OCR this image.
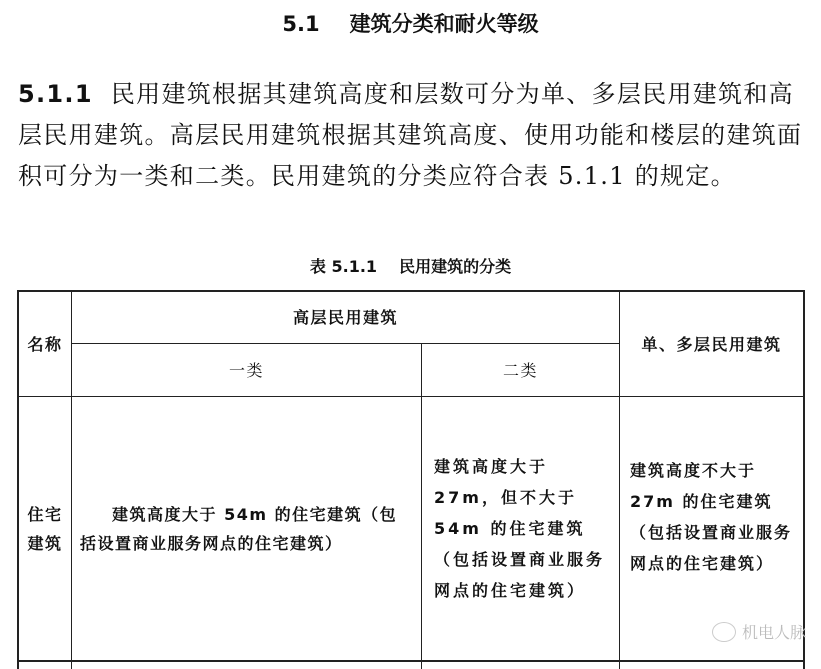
5.1 建筑分类和耐火等级
5.1.1 民用建筑根据其建筑高度和层数可分为单、多层民用建筑和高层民用建筑。高层民用建筑根据其建筑高度、使用功能和楼层的建筑面积可分为一类和二类。民用建筑的分类应符合表 5.1.1 的规定。
表 5.1.1 民用建筑的分类
名称
高层民用建筑
一类	二类
单、多层民用建筑
住宅建筑
建筑高度大于 54m 的住宅建筑（包括设置商业服务网点的住宅建筑）
建筑高度大于 27m，但不大于 54m 的住宅建筑（包括设置商业服务网点的住宅建筑）
建筑高度不大于 27m 的住宅建筑（包括设置商业服务网点的住宅建筑）
机电人脉
